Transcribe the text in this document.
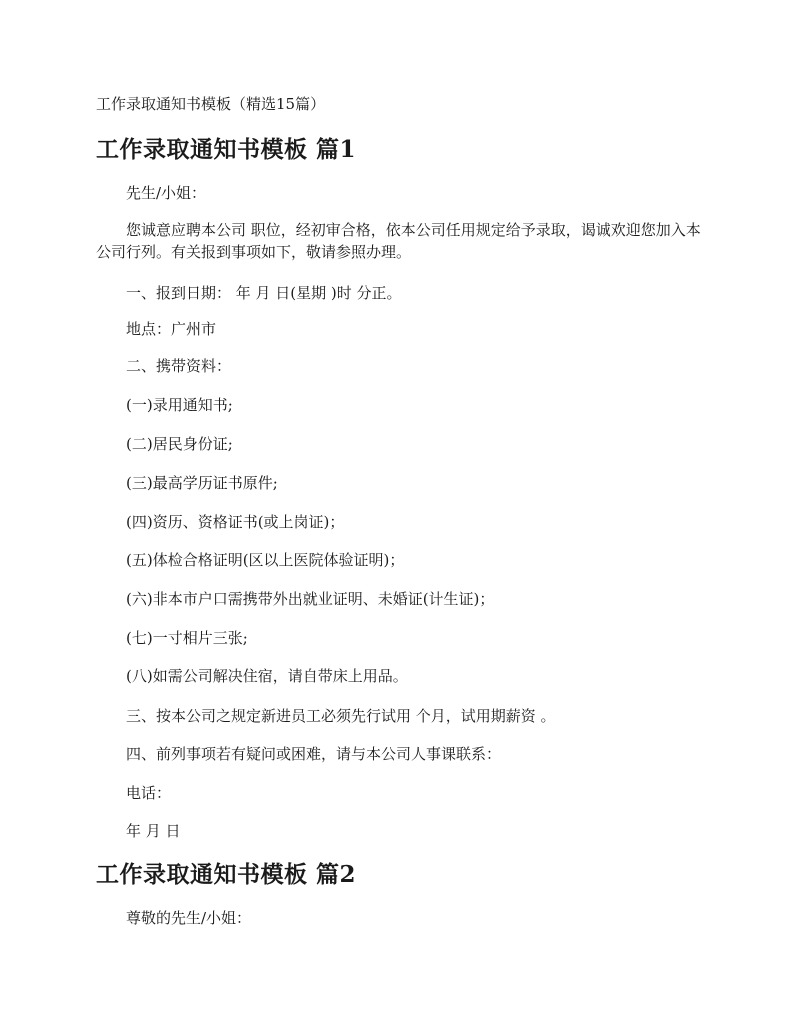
工作录取通知书模板（精选15篇）
工作录取通知书模板 篇1
先生/小姐：
您诚意应聘本公司 职位，经初审合格，依本公司任用规定给予录取，谒诚欢迎您加入本公司行列。有关报到事项如下，敬请参照办理。
一、报到日期： 年 月 日(星期 )时 分正。
地点：广州市
二、携带资料：
(一)录用通知书;
(二)居民身份证;
(三)最高学历证书原件;
(四)资历、资格证书(或上岗证)；
(五)体检合格证明(区以上医院体验证明)；
(六)非本市户口需携带外出就业证明、未婚证(计生证)；
(七)一寸相片三张;
(八)如需公司解决住宿，请自带床上用品。
三、按本公司之规定新进员工必须先行试用 个月，试用期薪资 。
四、前列事项若有疑问或困难，请与本公司人事课联系：
电话：
年 月 日
工作录取通知书模板 篇2
尊敬的先生/小姐：
